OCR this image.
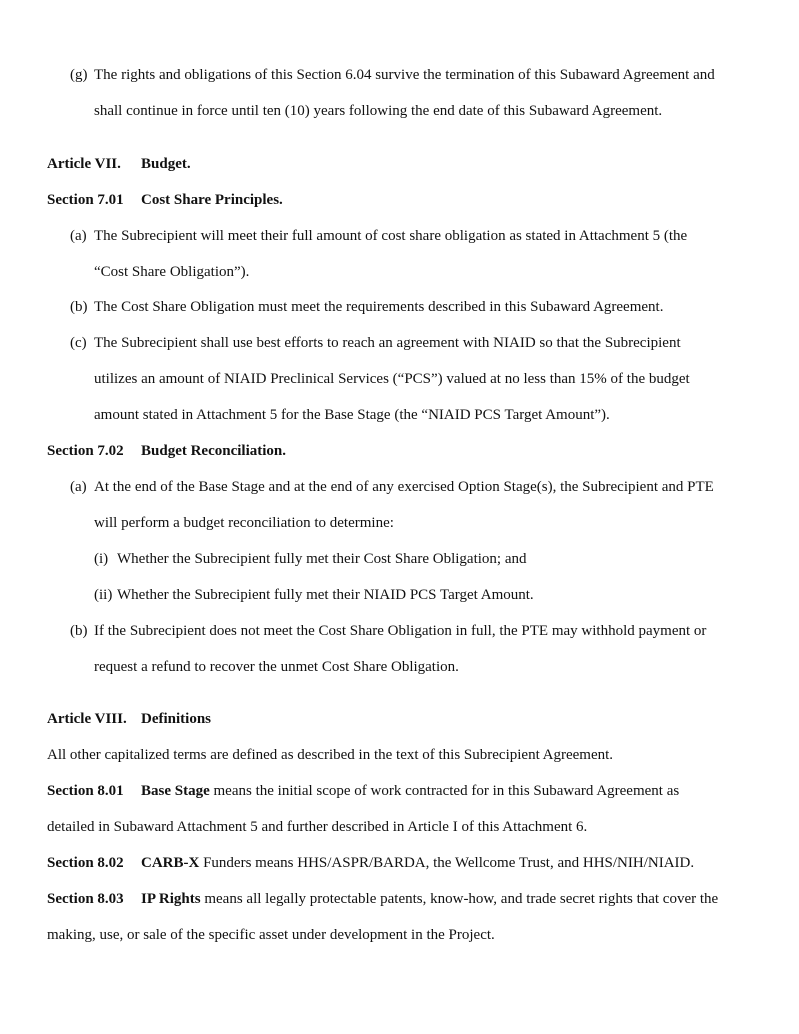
(g) The rights and obligations of this Section 6.04 survive the termination of this Subaward Agreement and
shall continue in force until ten (10) years following the end date of this Subaward Agreement.
Article VII. Budget.
Section 7.01 Cost Share Principles.
(a) The Subrecipient will meet their full amount of cost share obligation as stated in Attachment 5 (the
“Cost Share Obligation”).
(b) The Cost Share Obligation must meet the requirements described in this Subaward Agreement.
(c) The Subrecipient shall use best efforts to reach an agreement with NIAID so that the Subrecipient
utilizes an amount of NIAID Preclinical Services (“PCS”) valued at no less than 15% of the budget
amount stated in Attachment 5 for the Base Stage (the “NIAID PCS Target Amount”).
Section 7.02 Budget Reconciliation.
(a) At the end of the Base Stage and at the end of any exercised Option Stage(s), the Subrecipient and PTE
will perform a budget reconciliation to determine:
(i) Whether the Subrecipient fully met their Cost Share Obligation; and
(ii) Whether the Subrecipient fully met their NIAID PCS Target Amount.
(b) If the Subrecipient does not meet the Cost Share Obligation in full, the PTE may withhold payment or
request a refund to recover the unmet Cost Share Obligation.
Article VIII. Definitions
All other capitalized terms are defined as described in the text of this Subrecipient Agreement.
Section 8.01 Base Stage means the initial scope of work contracted for in this Subaward Agreement as
detailed in Subaward Attachment 5 and further described in Article I of this Attachment 6.
Section 8.02 CARB-X Funders means HHS/ASPR/BARDA, the Wellcome Trust, and HHS/NIH/NIAID.
Section 8.03 IP Rights means all legally protectable patents, know-how, and trade secret rights that cover the
making, use, or sale of the specific asset under development in the Project.
